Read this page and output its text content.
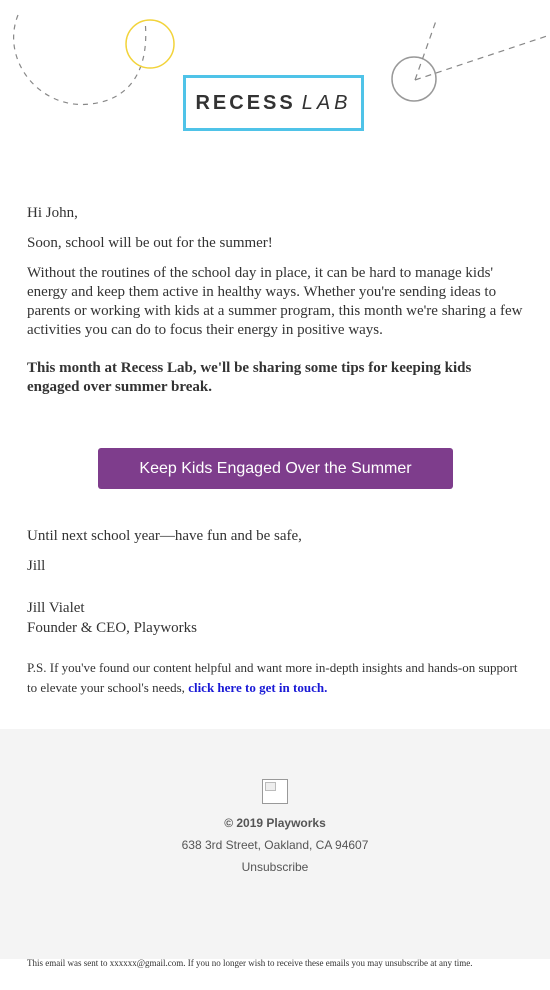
RECESS LAB

Hi John,

Soon, school will be out for the summer!

Without the routines of the school day in place, it can be hard to manage kids' energy and keep them active in healthy ways. Whether you're sending ideas to parents or working with kids at a summer program, this month we're sharing a few activities you can do to focus their energy in positive ways.

This month at Recess Lab, we'll be sharing some tips for keeping kids engaged over summer break.

Keep Kids Engaged Over the Summer
Until next school year—have fun and be safe,
Jill
Jill Vialet
Founder & CEO, Playworks
P.S. If you've found our content helpful and want more in-depth insights and hands-on support to elevate your school's needs, click here to get in touch.
© 2019 Playworks
638 3rd Street, Oakland, CA 94607
Unsubscribe
This email was sent to xxxxxx@gmail.com. If you no longer wish to receive these emails you may unsubscribe at any time.
